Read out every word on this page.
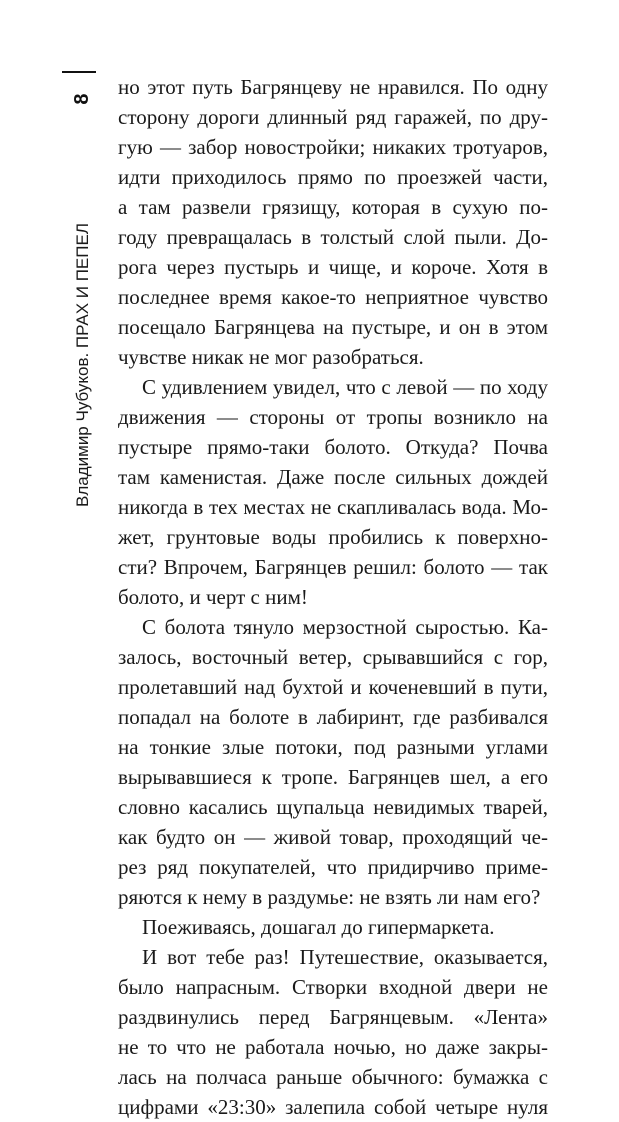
8
Владимир Чубуков. ПРАХ И ПЕПЕЛ
но этот путь Багрянцеву не нравился. По одну
сторону дороги длинный ряд гаражей, по дру-
гую — забор новостройки; никаких тротуаров,
идти приходилось прямо по проезжей части,
а там развели грязищу, которая в сухую по-
году превращалась в толстый слой пыли. До-
рога через пустырь и чище, и короче. Хотя в
последнее время какое-то неприятное чувство
посещало Багрянцева на пустыре, и он в этом
чувстве никак не мог разобраться.
С удивлением увидел, что с левой — по ходу
движения — стороны от тропы возникло на
пустыре прямо-таки болото. Откуда? Почва
там каменистая. Даже после сильных дождей
никогда в тех местах не скапливалась вода. Мо-
жет, грунтовые воды пробились к поверхно-
сти? Впрочем, Багрянцев решил: болото — так
болото, и черт с ним!
С болота тянуло мерзостной сыростью. Ка-
залось, восточный ветер, срывавшийся с гор,
пролетавший над бухтой и коченевший в пути,
попадал на болоте в лабиринт, где разбивался
на тонкие злые потоки, под разными углами
вырывавшиеся к тропе. Багрянцев шел, а его
словно касались щупальца невидимых тварей,
как будто он — живой товар, проходящий че-
рез ряд покупателей, что придирчиво приме-
ряются к нему в раздумье: не взять ли нам его?
Поеживаясь, дошагал до гипермаркета.
И вот тебе раз! Путешествие, оказывается,
было напрасным. Створки входной двери не
раздвинулись перед Багрянцевым. «Лента»
не то что не работала ночью, но даже закры-
лась на полчаса раньше обычного: бумажка с
цифрами «23:30» залепила собой четыре нуля
